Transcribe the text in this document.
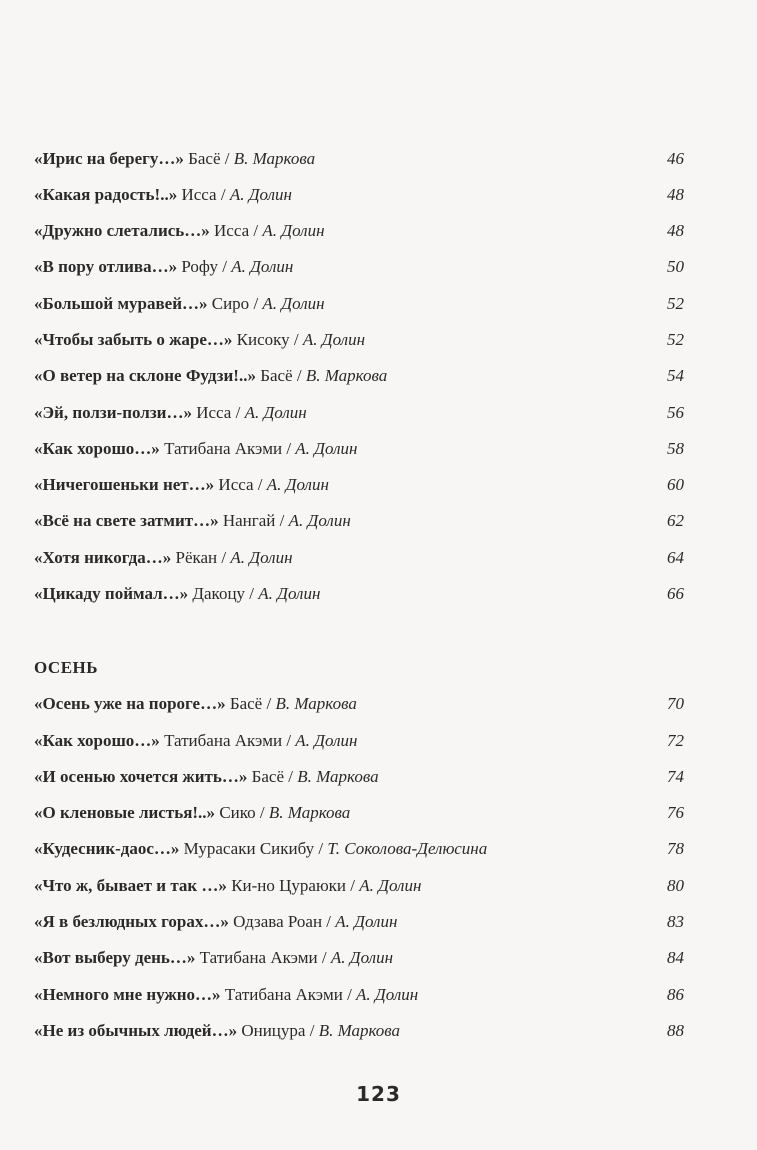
«Ирис на берегу…» Басё / В. Маркова	46
«Какая радость!..» Исса / А. Долин	48
«Дружно слетались…» Исса / А. Долин	48
«В пору отлива…» Рофу / А. Долин	50
«Большой муравей…» Сиро / А. Долин	52
«Чтобы забыть о жаре…» Кисоку / А. Долин	52
«О ветер на склоне Фудзи!..» Басё / В. Маркова	54
«Эй, ползи-ползи…» Исса / А. Долин	56
«Как хорошо…» Татибана Акэми / А. Долин	58
«Ничегошеньки нет…» Исса / А. Долин	60
«Всё на свете затмит…» Нангай / А. Долин	62
«Хотя никогда…» Рёкан / А. Долин	64
«Цикаду поймал…» Дакоцу / А. Долин	66
ОСЕНЬ
«Осень уже на пороге…» Басё / В. Маркова	70
«Как хорошо…» Татибана Акэми / А. Долин	72
«И осенью хочется жить…» Басё / В. Маркова	74
«О кленовые листья!..» Сико / В. Маркова	76
«Кудесник-даос…» Мурасаки Сикибу / Т. Соколова-Делюсина	78
«Что ж, бывает и так …» Ки-но Цураюки / А. Долин	80
«Я в безлюдных горах…» Одзава Роан / А. Долин	83
«Вот выберу день…» Татибана Акэми / А. Долин	84
«Немного мне нужно…» Татибана Акэми / А. Долин	86
«Не из обычных людей…» Оницура / В. Маркова	88
123
